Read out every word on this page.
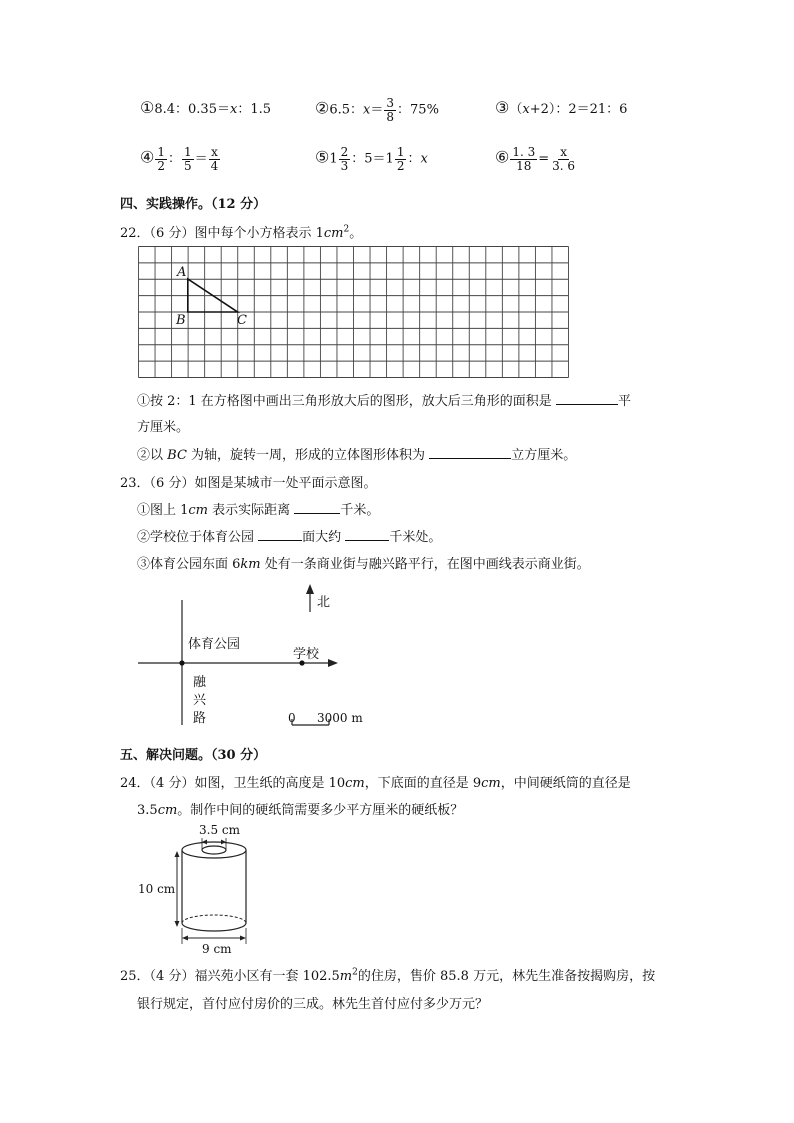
①8.4：0.35＝x：1.5	②6.5：$x= \frac{3}{8}$ ：75%	③（x+2）：2＝21：6
④ $\frac{1}{2}$ ： $\frac{1}{5} = \frac{x}{4}$	⑤1 $\frac{2}{3}$ ：$5=1 \frac{1}{2}$ ：x	⑥ $\frac{1. 3}{18} = \frac{x}{3. 6}$
四、实践操作。（12 分）
22．（6 分）图中每个小方格表示 $1cm^2$。
A
B	C
①按 2：1 在方格图中画出三角形放大后的图形，放大后三角形的面积是	平
方厘米。
②以 BC 为轴，旋转一周，形成的立体图形体积为	立方厘米。
23．（6 分）如图是某城市一处平面示意图。
①图上 1cm 表示实际距离	千米。
②学校位于体育公园	面大约	千米处。
③体育公园东面 6km 处有一条商业街与融兴路平行，在图中画线表示商业街。
北
体育公园
学校
融
兴
路	0 3000 m
五、解决问题。（30 分）
24．（4 分）如图，卫生纸的高度是 10cm，下底面的直径是 9cm，中间硬纸筒的直径是
3.5cm。制作中间的硬纸筒需要多少平方厘米的硬纸板？
3.5 cm
10 cm
9 cm
25．（4 分）福兴苑小区有一套 $102.5m^2$的住房，售价 85.8 万元，林先生准备按揭购房，按
银行规定，首付应付房价的三成。林先生首付应付多少万元？
